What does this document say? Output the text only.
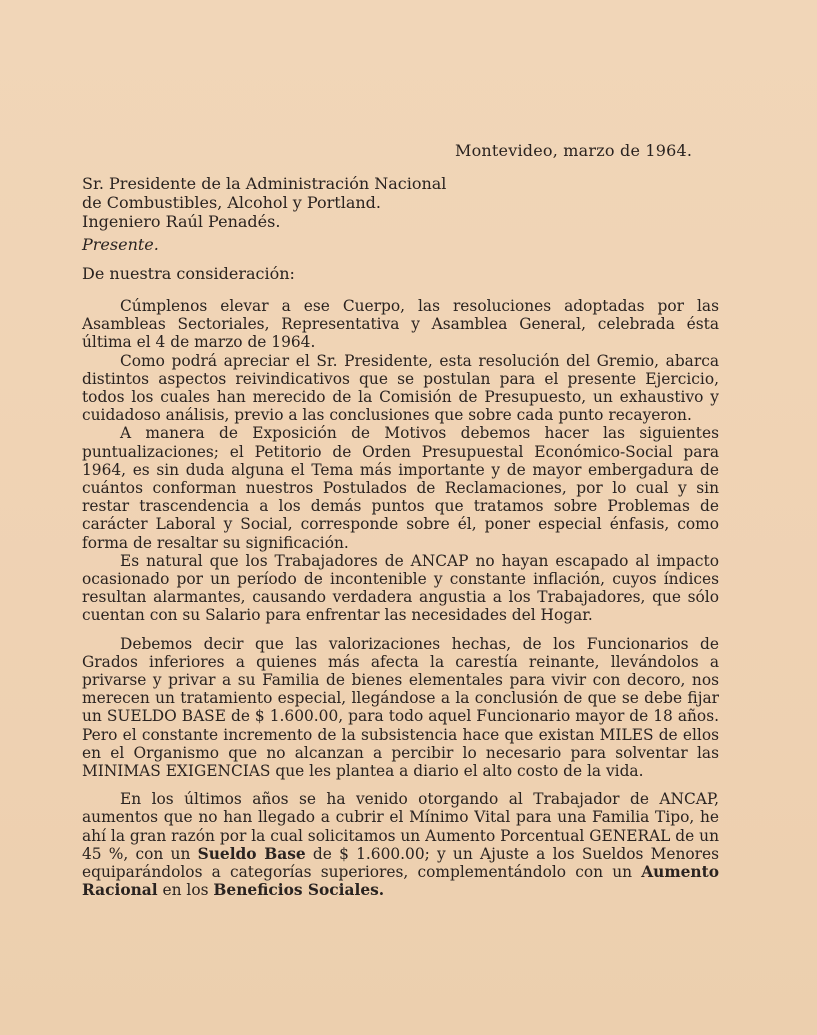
Montevideo, marzo de 1964.
Sr. Presidente de la Administración Nacional
de Combustibles, Alcohol y Portland.
Ingeniero Raúl Penadés.
Presente.
De nuestra consideración:

Cúmplenos elevar a ese Cuerpo, las resoluciones adoptadas por las Asambleas Sectoriales, Representativa y Asamblea General, celebrada ésta última el 4 de marzo de 1964.

Como podrá apreciar el Sr. Presidente, esta resolución del Gremio, abarca distintos aspectos reivindicativos que se postulan para el presente Ejercicio, todos los cuales han merecido de la Comisión de Presupuesto, un exhaustivo y cuidadoso análisis, previo a las conclusiones que sobre cada punto recayeron.

A manera de Exposición de Motivos debemos hacer las siguientes puntualizaciones; el Petitorio de Orden Presupuestal Económico-Social para 1964, es sin duda alguna el Tema más importante y de mayor embergadura de cuántos conforman nuestros Postulados de Reclamaciones, por lo cual y sin restar trascendencia a los demás puntos que tratamos sobre Problemas de carácter Laboral y Social, corresponde sobre él, poner especial énfasis, como forma de resaltar su significación.

Es natural que los Trabajadores de ANCAP no hayan escapado al impacto ocasionado por un período de incontenible y constante inflación, cuyos índices resultan alarmantes, causando verdadera angustia a los Trabajadores, que sólo cuentan con su Salario para enfrentar las necesidades del Hogar.

Debemos decir que las valorizaciones hechas, de los Funcionarios de Grados inferiores a quienes más afecta la carestía reinante, llevándolos a privarse y privar a su Familia de bienes elementales para vivir con decoro, nos merecen un tratamiento especial, llegándose a la conclusión de que se debe fijar un SUELDO BASE de $ 1.600.00, para todo aquel Funcionario mayor de 18 años. Pero el constante incremento de la subsistencia hace que existan MILES de ellos en el Organismo que no alcanzan a percibir lo necesario para solventar las MINIMAS EXIGENCIAS que les plantea a diario el alto costo de la vida.

En los últimos años se ha venido otorgando al Trabajador de ANCAP, aumentos que no han llegado a cubrir el Mínimo Vital para una Familia Tipo, he ahí la gran razón por la cual solicitamos un Aumento Porcentual GENERAL de un 45 %, con un Sueldo Base de $ 1.600.00; y un Ajuste a los Sueldos Menores equiparándolos a categorías superiores, complementándolo con un Aumento Racional en los Beneficios Sociales.
